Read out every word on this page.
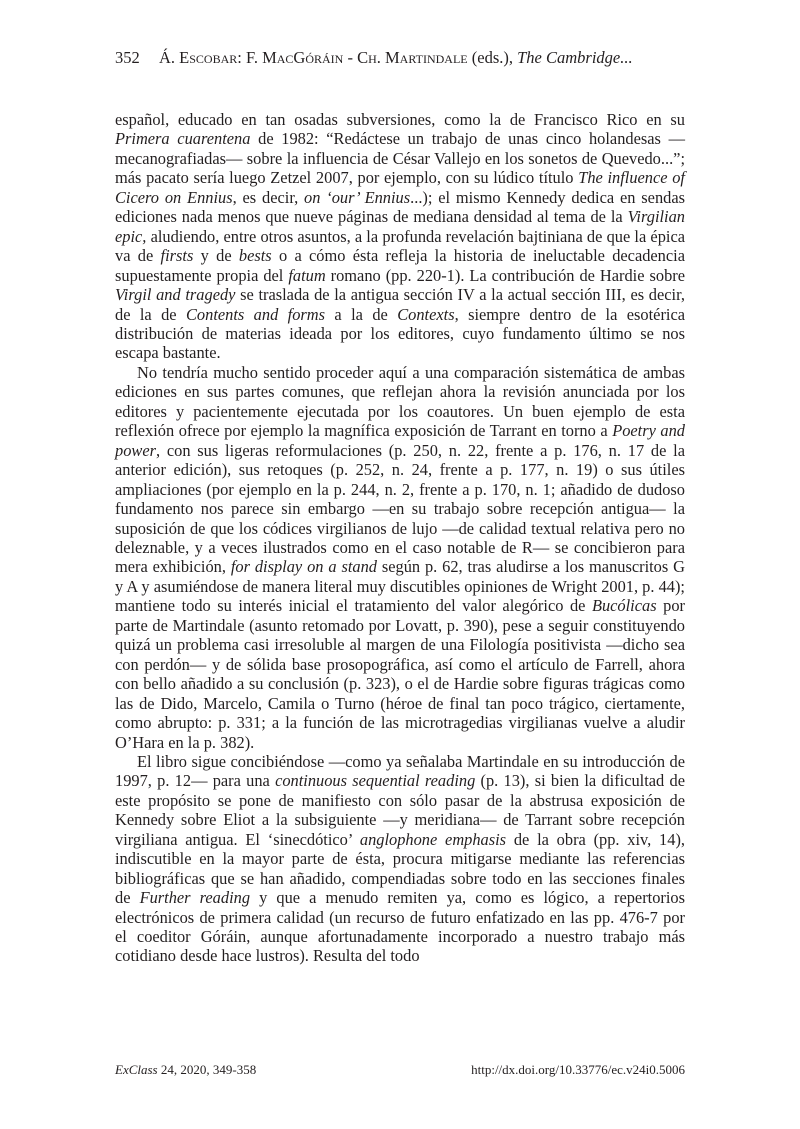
352 Á. Escobar: F. MacGóráin - Ch. Martindale (eds.), The Cambridge...

español, educado en tan osadas subversiones, como la de Francisco Rico en su Primera cuarentena de 1982: “Redáctese un trabajo de unas cinco holandesas —mecanografiadas— sobre la influencia de César Vallejo en los sonetos de Quevedo...”; más pacato sería luego Zetzel 2007, por ejemplo, con su lúdico título The influence of Cicero on Ennius, es decir, on ‘our’ Ennius...); el mismo Kennedy dedica en sendas ediciones nada menos que nueve páginas de mediana densidad al tema de la Virgilian epic, aludiendo, entre otros asuntos, a la profunda revelación bajtiniana de que la épica va de firsts y de bests o a cómo ésta refleja la historia de ineluctable decadencia supuestamente propia del fatum romano (pp. 220-1). La contribución de Hardie sobre Virgil and tragedy se traslada de la antigua sección IV a la actual sección III, es decir, de la de Contents and forms a la de Contexts, siempre dentro de la esotérica distribución de materias ideada por los editores, cuyo fundamento último se nos escapa bastante.

No tendría mucho sentido proceder aquí a una comparación sistemática de ambas ediciones en sus partes comunes, que reflejan ahora la revisión anunciada por los editores y pacientemente ejecutada por los coautores. Un buen ejemplo de esta reflexión ofrece por ejemplo la magnífica exposición de Tarrant en torno a Poetry and power, con sus ligeras reformulaciones (p. 250, n. 22, frente a p. 176, n. 17 de la anterior edición), sus retoques (p. 252, n. 24, frente a p. 177, n. 19) o sus útiles ampliaciones (por ejemplo en la p. 244, n. 2, frente a p. 170, n. 1; añadido de dudoso fundamento nos parece sin embargo —en su trabajo sobre recepción antigua— la suposición de que los códices virgilianos de lujo —de calidad textual relativa pero no deleznable, y a veces ilustrados como en el caso notable de R— se concibieron para mera exhibición, for display on a stand según p. 62, tras aludirse a los manuscritos G y A y asumiéndose de manera literal muy discutibles opiniones de Wright 2001, p. 44); mantiene todo su interés inicial el tratamiento del valor alegórico de Bucólicas por parte de Martindale (asunto retomado por Lovatt, p. 390), pese a seguir constituyendo quizá un problema casi irresoluble al margen de una Filología positivista —dicho sea con perdón— y de sólida base prosopográfica, así como el artículo de Farrell, ahora con bello añadido a su conclusión (p. 323), o el de Hardie sobre figuras trágicas como las de Dido, Marcelo, Camila o Turno (héroe de final tan poco trágico, ciertamente, como abrupto: p. 331; a la función de las microtragedias virgilianas vuelve a aludir O’Hara en la p. 382).

El libro sigue concibiéndose —como ya señalaba Martindale en su introducción de 1997, p. 12— para una continuous sequential reading (p. 13), si bien la dificultad de este propósito se pone de manifiesto con sólo pasar de la abstrusa exposición de Kennedy sobre Eliot a la subsiguiente —y meridiana— de Tarrant sobre recepción virgiliana antigua. El ‘sinecdótico’ anglophone emphasis de la obra (pp. xiv, 14), indiscutible en la mayor parte de ésta, procura mitigarse mediante las referencias bibliográficas que se han añadido, compendiadas sobre todo en las secciones finales de Further reading y que a menudo remiten ya, como es lógico, a repertorios electrónicos de primera calidad (un recurso de futuro enfatizado en las pp. 476-7 por el coeditor Góráin, aunque afortunadamente incorporado a nuestro trabajo más cotidiano desde hace lustros). Resulta del todo

ExClass 24, 2020, 349-358	http://dx.doi.org/10.33776/ec.v24i0.5006
